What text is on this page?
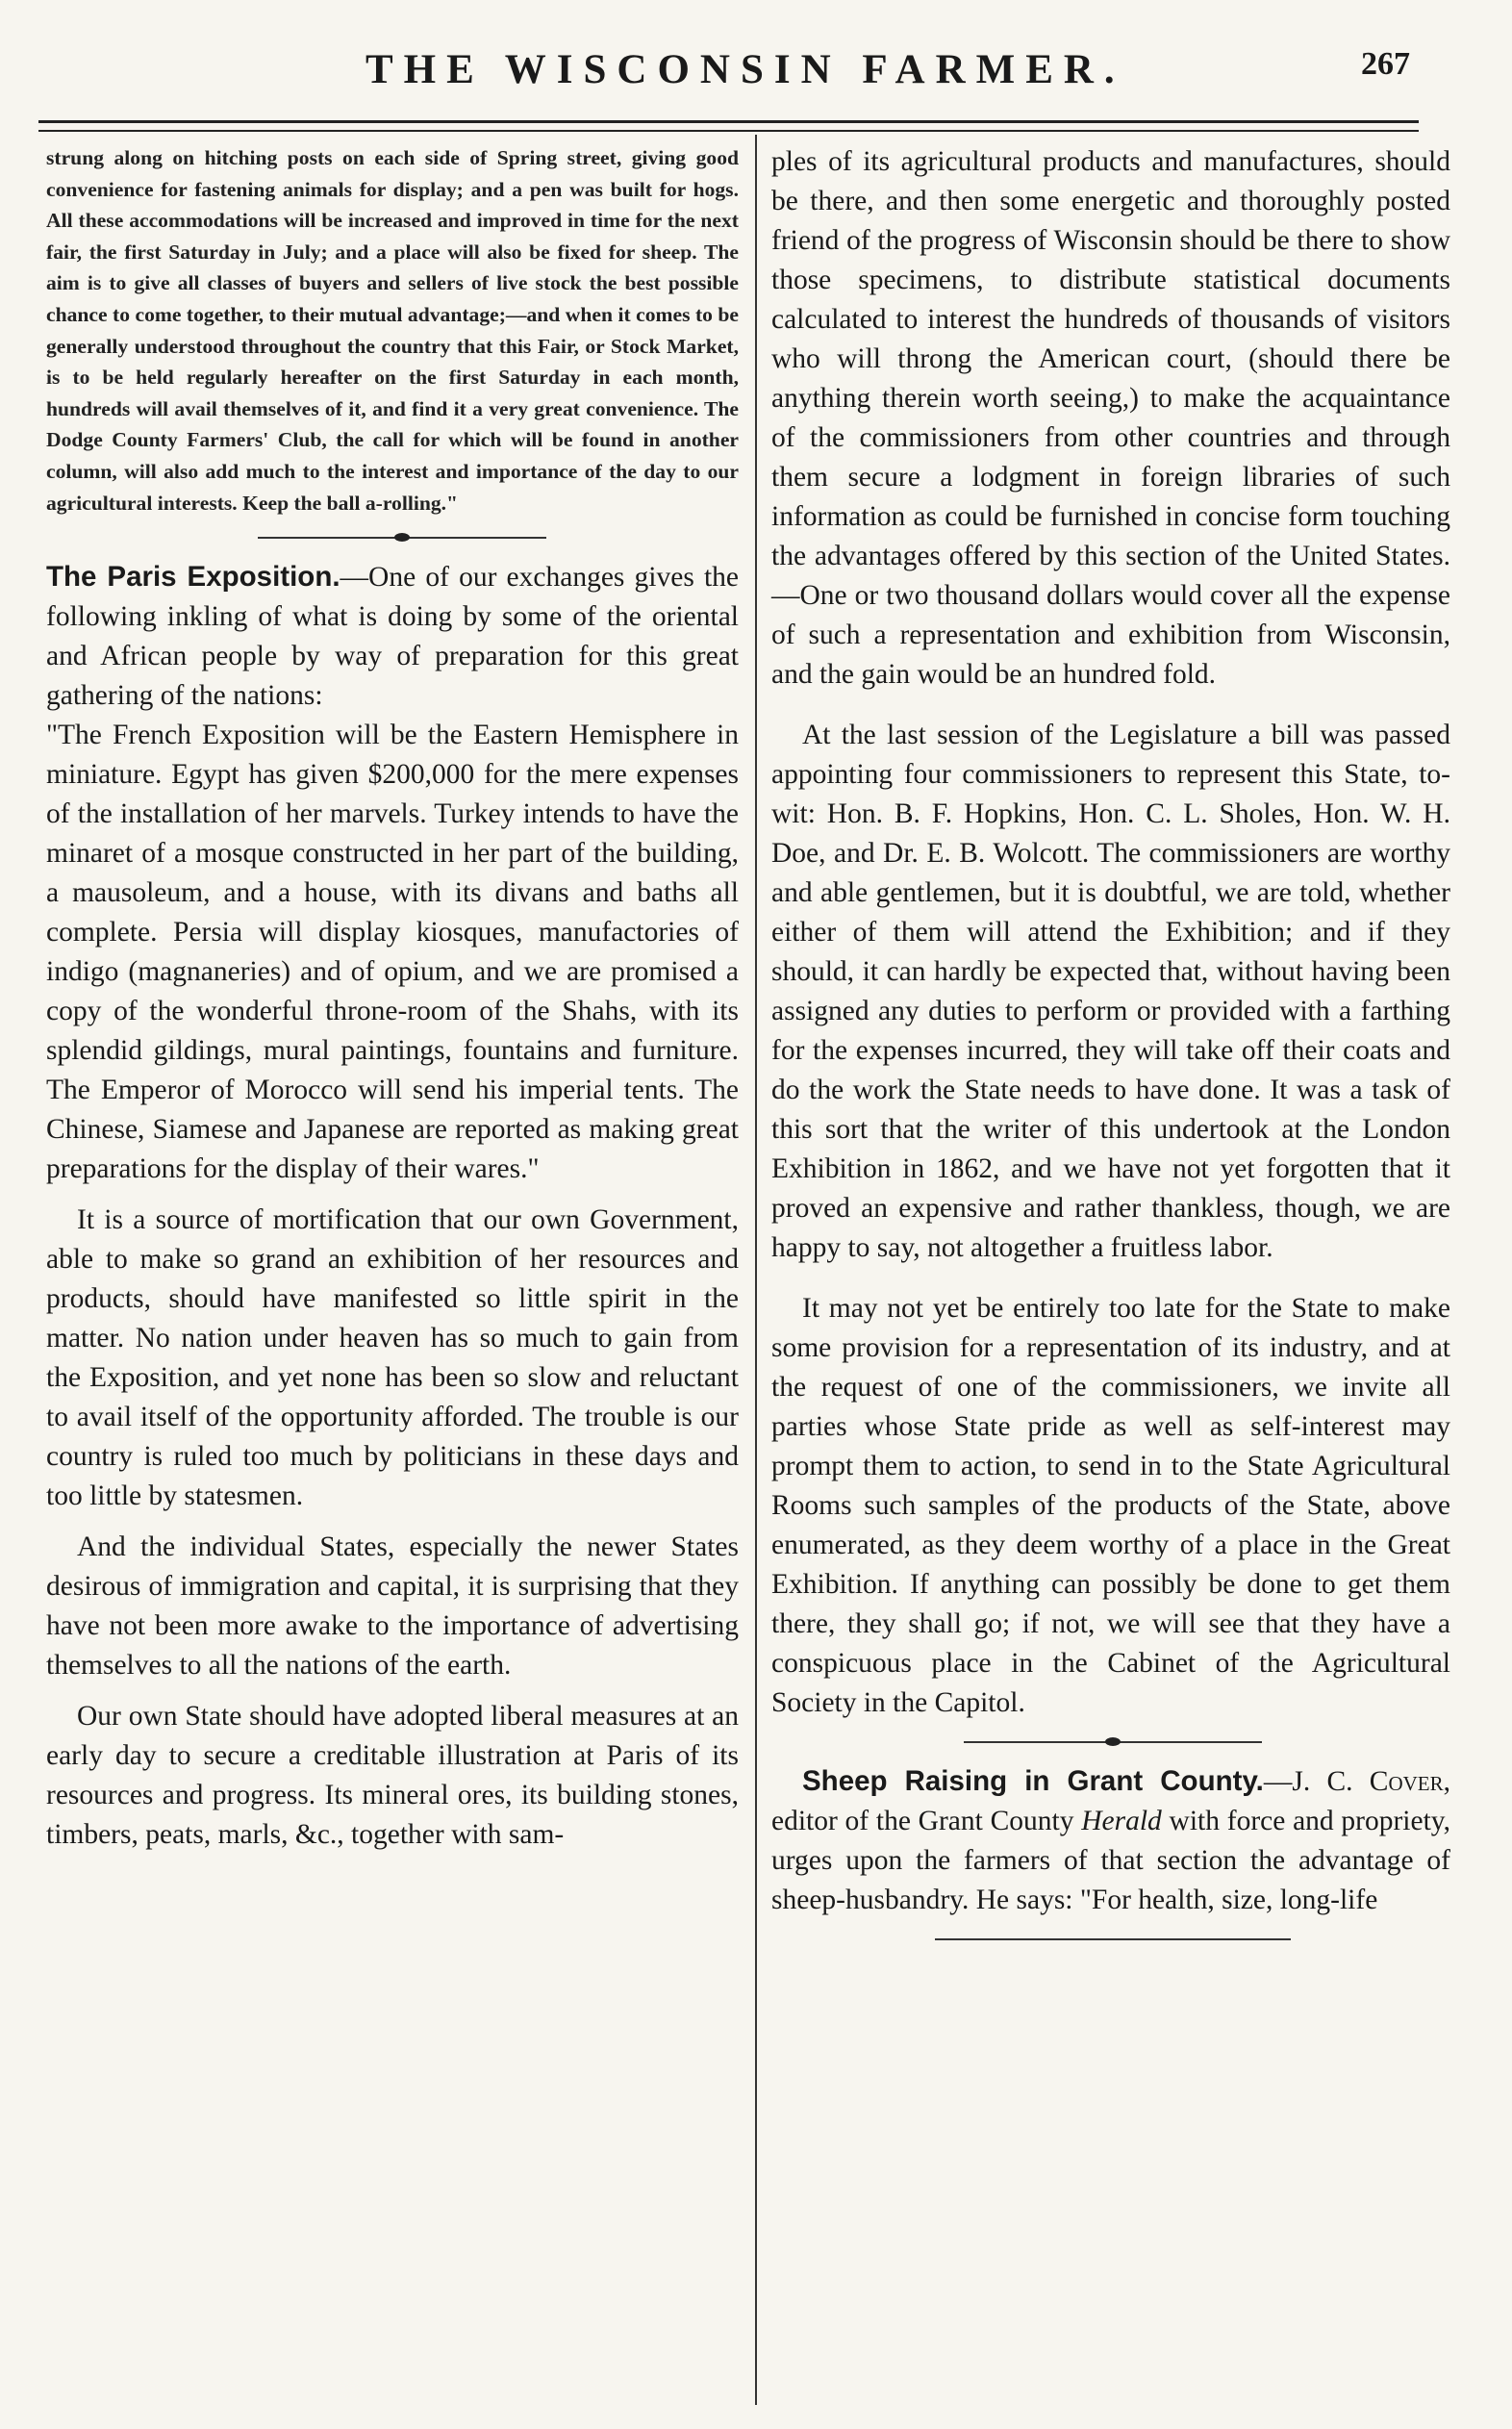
THE WISCONSIN FARMER.	267

strung along on hitching posts on each side of Spring street, giving good convenience for fastening animals for display; and a pen was built for hogs. All these accommodations will be increased and improved in time for the next fair, the first Saturday in July; and a place will also be fixed for sheep. The aim is to give all classes of buyers and sellers of live stock the best possible chance to come together, to their mutual advantage;—and when it comes to be generally understood throughout the country that this Fair, or Stock Market, is to be held regularly hereafter on the first Saturday in each month, hundreds will avail themselves of it, and find it a very great convenience. The Dodge County Farmers' Club, the call for which will be found in another column, will also add much to the interest and importance of the day to our agricultural interests. Keep the ball a-rolling."

The Paris Exposition.—One of our exchanges gives the following inkling of what is doing by some of the oriental and African people by way of preparation for this great gathering of the nations:

"The French Exposition will be the Eastern Hemisphere in miniature. Egypt has given $200,000 for the mere expenses of the installation of her marvels. Turkey intends to have the minaret of a mosque constructed in her part of the building, a mausoleum, and a house, with its divans and baths all complete. Persia will display kiosques, manufactories of indigo (magnaneries) and of opium, and we are promised a copy of the wonderful throne-room of the Shahs, with its splendid gildings, mural paintings, fountains and furniture. The Emperor of Morocco will send his imperial tents. The Chinese, Siamese and Japanese are reported as making great preparations for the display of their wares."

It is a source of mortification that our own Government, able to make so grand an exhibition of her resources and products, should have manifested so little spirit in the matter. No nation under heaven has so much to gain from the Exposition, and yet none has been so slow and reluctant to avail itself of the opportunity afforded. The trouble is our country is ruled too much by politicians in these days and too little by statesmen.

And the individual States, especially the newer States desirous of immigration and capital, it is surprising that they have not been more awake to the importance of advertising themselves to all the nations of the earth.

Our own State should have adopted liberal measures at an early day to secure a creditable illustration at Paris of its resources and progress. Its mineral ores, its building stones, timbers, peats, marls, &c., together with sam-

ples of its agricultural products and manufactures, should be there, and then some energetic and thoroughly posted friend of the progress of Wisconsin should be there to show those specimens, to distribute statistical documents calculated to interest the hundreds of thousands of visitors who will throng the American court, (should there be anything therein worth seeing,) to make the acquaintance of the commissioners from other countries and through them secure a lodgment in foreign libraries of such information as could be furnished in concise form touching the advantages offered by this section of the United States.—One or two thousand dollars would cover all the expense of such a representation and exhibition from Wisconsin, and the gain would be an hundred fold.

At the last session of the Legislature a bill was passed appointing four commissioners to represent this State, to-wit: Hon. B. F. Hopkins, Hon. C. L. Sholes, Hon. W. H. Doe, and Dr. E. B. Wolcott. The commissioners are worthy and able gentlemen, but it is doubtful, we are told, whether either of them will attend the Exhibition; and if they should, it can hardly be expected that, without having been assigned any duties to perform or provided with a farthing for the expenses incurred, they will take off their coats and do the work the State needs to have done. It was a task of this sort that the writer of this undertook at the London Exhibition in 1862, and we have not yet forgotten that it proved an expensive and rather thankless, though, we are happy to say, not altogether a fruitless labor.

It may not yet be entirely too late for the State to make some provision for a representation of its industry, and at the request of one of the commissioners, we invite all parties whose State pride as well as self-interest may prompt them to action, to send in to the State Agricultural Rooms such samples of the products of the State, above enumerated, as they deem worthy of a place in the Great Exhibition. If anything can possibly be done to get them there, they shall go; if not, we will see that they have a conspicuous place in the Cabinet of the Agricultural Society in the Capitol.

Sheep Raising in Grant County.—J. C. Cover, editor of the Grant County Herald with force and propriety, urges upon the farmers of that section the advantage of sheep-husbandry. He says: "For health, size, long-life
